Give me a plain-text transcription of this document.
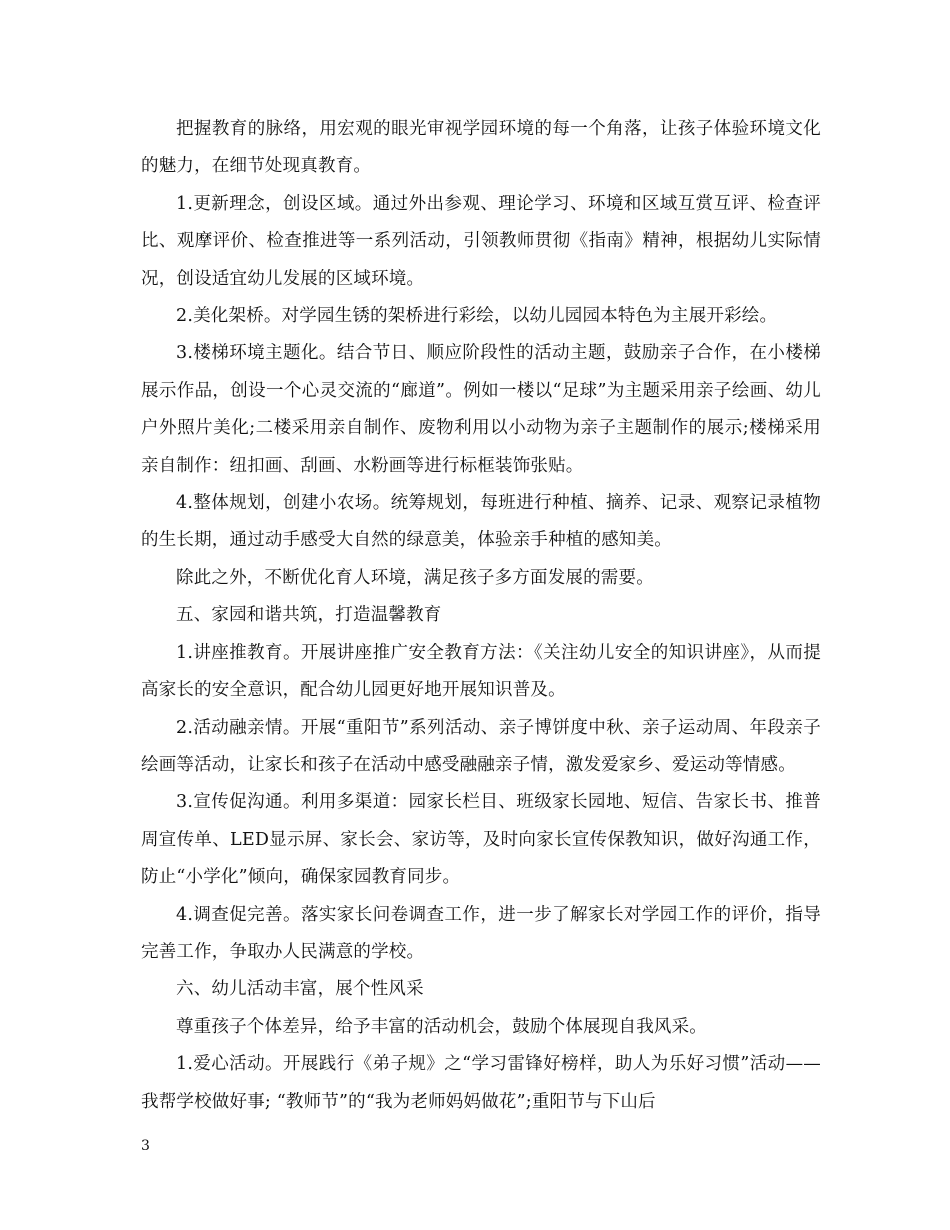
把握教育的脉络，用宏观的眼光审视学园环境的每一个角落，让孩子体验环境文化的魅力，在细节处现真教育。

1.更新理念，创设区域。通过外出参观、理论学习、环境和区域互赏互评、检查评比、观摩评价、检查推进等一系列活动，引领教师贯彻《指南》精神，根据幼儿实际情况，创设适宜幼儿发展的区域环境。

2.美化架桥。对学园生锈的架桥进行彩绘，以幼儿园园本特色为主展开彩绘。

3.楼梯环境主题化。结合节日、顺应阶段性的活动主题，鼓励亲子合作，在小楼梯展示作品，创设一个心灵交流的“廊道”。例如一楼以“足球”为主题采用亲子绘画、幼儿户外照片美化;二楼采用亲自制作、废物利用以小动物为亲子主题制作的展示;楼梯采用亲自制作：纽扣画、刮画、水粉画等进行标框装饰张贴。

4.整体规划，创建小农场。统筹规划，每班进行种植、摘养、记录、观察记录植物的生长期，通过动手感受大自然的绿意美，体验亲手种植的感知美。

除此之外，不断优化育人环境，满足孩子多方面发展的需要。

五、家园和谐共筑，打造温馨教育

1.讲座推教育。开展讲座推广安全教育方法：《关注幼儿安全的知识讲座》，从而提高家长的安全意识，配合幼儿园更好地开展知识普及。

2.活动融亲情。开展“重阳节”系列活动、亲子博饼度中秋、亲子运动周、年段亲子绘画等活动，让家长和孩子在活动中感受融融亲子情，激发爱家乡、爱运动等情感。

3.宣传促沟通。利用多渠道：园家长栏目、班级家长园地、短信、告家长书、推普周宣传单、LED显示屏、家长会、家访等，及时向家长宣传保教知识，做好沟通工作，防止“小学化”倾向，确保家园教育同步。

4.调查促完善。落实家长问卷调查工作，进一步了解家长对学园工作的评价，指导完善工作，争取办人民满意的学校。

六、幼儿活动丰富，展个性风采

尊重孩子个体差异，给予丰富的活动机会，鼓励个体展现自我风采。

1.爱心活动。开展践行《弟子规》之“学习雷锋好榜样，助人为乐好习惯”活动——我帮学校做好事; “教师节”的“我为老师妈妈做花”;重阳节与下山后

3
